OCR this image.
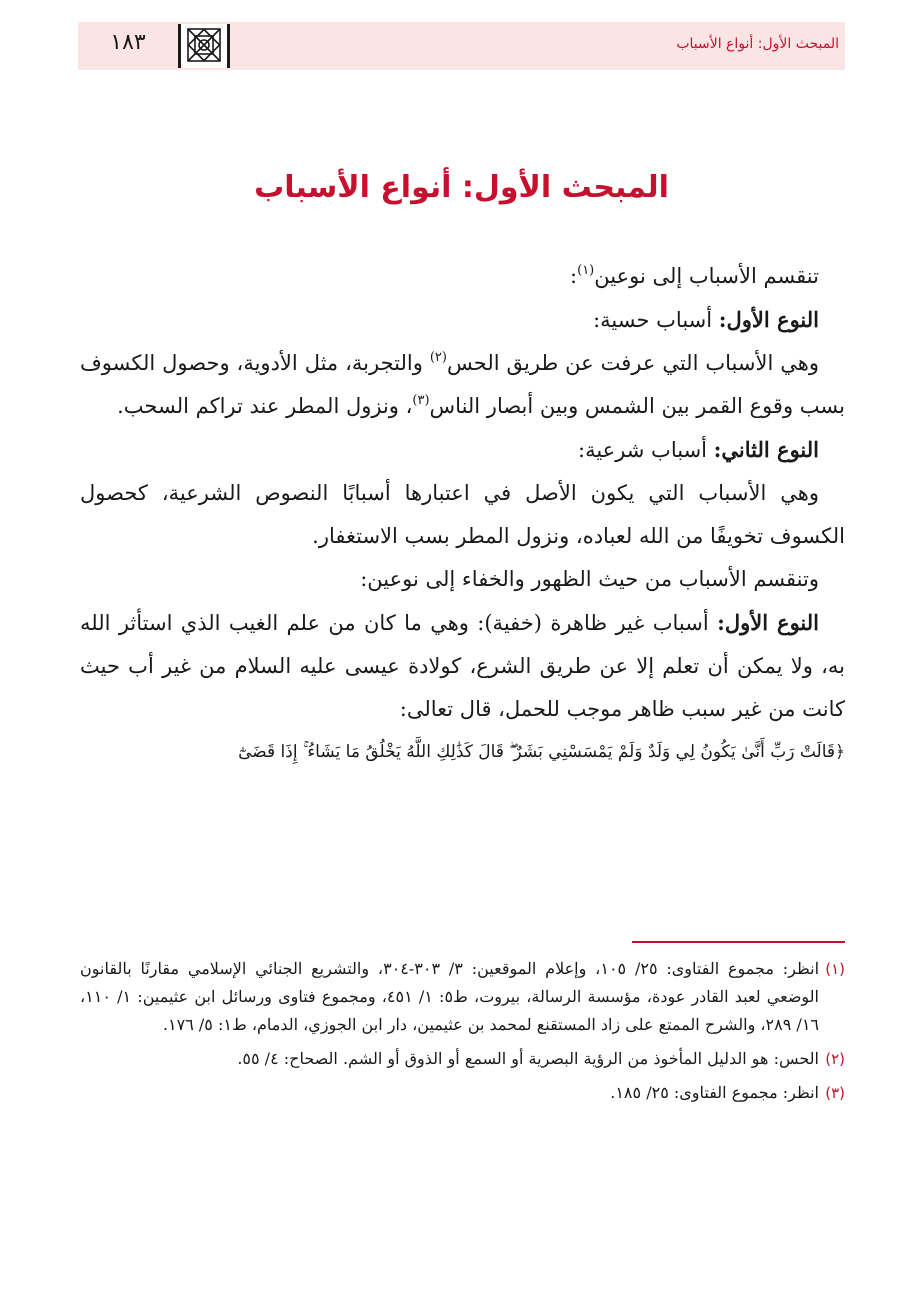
المبحث الأول: أنواع الأسباب
١٨٣
المبحث الأول: أنواع الأسباب

تنقسم الأسباب إلى نوعين$^{(١)}$:

النوع الأول: أسباب حسية:

وهي الأسباب التي عرفت عن طريق الحس$^{(٢)}$ والتجربة، مثل الأدوية، وحصول الكسوف بسب وقوع القمر بين الشمس وبين أبصار الناس$^{(٣)}$، ونزول المطر عند تراكم السحب.

النوع الثاني: أسباب شرعية:

وهي الأسباب التي يكون الأصل في اعتبارها أسبابًا النصوص الشرعية، كحصول الكسوف تخويفًا من الله لعباده، ونزول المطر بسب الاستغفار.

وتنقسم الأسباب من حيث الظهور والخفاء إلى نوعين:

النوع الأول: أسباب غير ظاهرة (خفية): وهي ما كان من علم الغيب الذي استأثر الله به، ولا يمكن أن تعلم إلا عن طريق الشرع، كولادة عيسى عليه السلام من غير أب حيث كانت من غير سبب ظاهر موجب للحمل، قال تعالى:

﴿قَالَتْ رَبِّ أَنَّىٰ يَكُونُ لِي وَلَدٌ وَلَمْ يَمْسَسْنِي بَشَرٌ ۖ قَالَ كَذَٰلِكِ اللَّهُ يَخْلُقُ مَا يَشَاءُ ۚ إِذَا قَضَىٰٓ

(١)
انظر: مجموع الفتاوى: ٢٥/ ١٠٥، وإعلام الموقعين: ٣/ ٣٠٣-٣٠٤، والتشريع الجنائي الإسلامي مقارنًا بالقانون الوضعي لعبد القادر عودة، مؤسسة الرسالة، بيروت، ط٥: ١/ ٤٥١، ومجموع فتاوى ورسائل ابن عثيمين: ١/ ١١٠، ١٦/ ٢٨٩، والشرح الممتع على زاد المستقنع لمحمد بن عثيمين، دار ابن الجوزي، الدمام، ط١: ٥/ ١٧٦.

(٢)
الحس: هو الدليل المأخوذ من الرؤية البصرية أو السمع أو الذوق أو الشم. الصحاح: ٤/ ٥٥.

(٣)
انظر: مجموع الفتاوى: ٢٥/ ١٨٥.
